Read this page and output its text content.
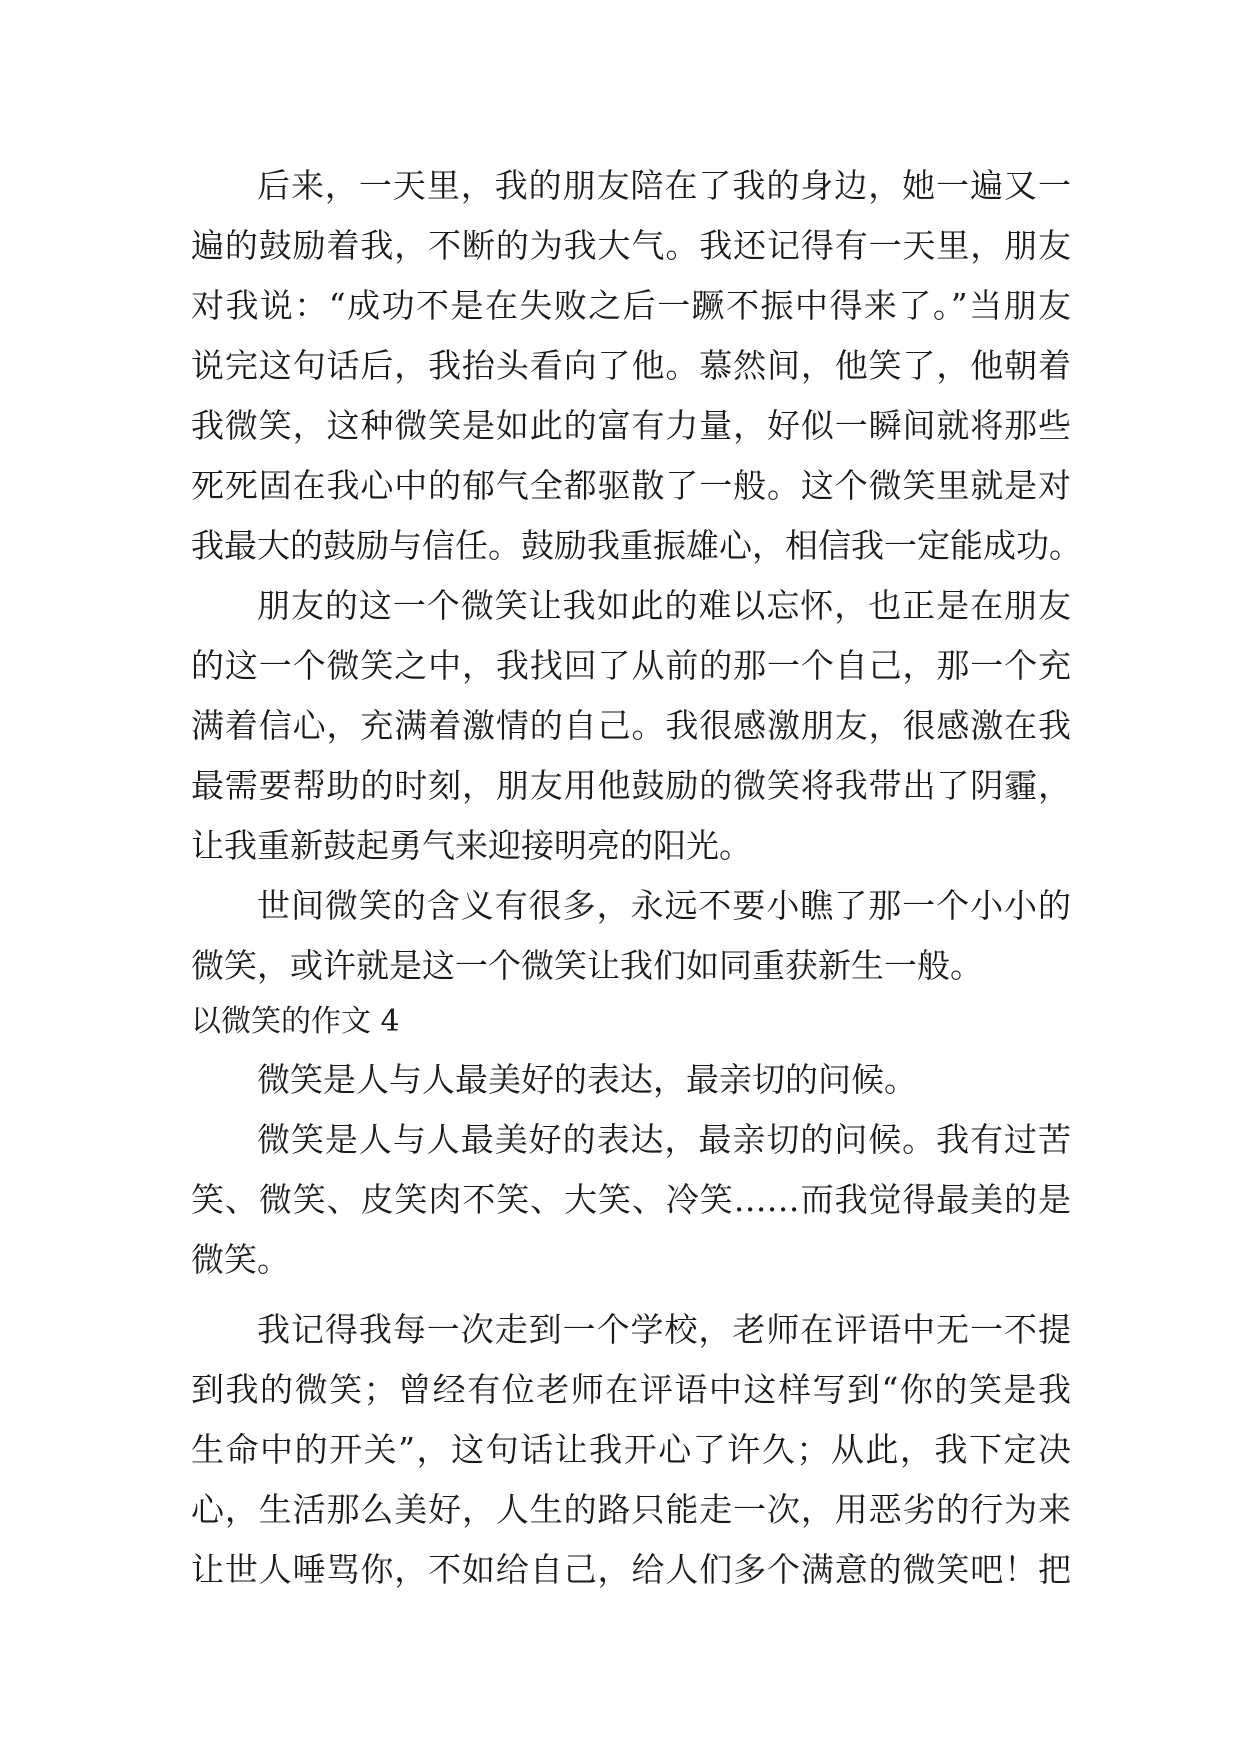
后来，一天里，我的朋友陪在了我的身边，她一遍又一
遍的鼓励着我，不断的为我大气。我还记得有一天里，朋友
对我说：“成功不是在失败之后一蹶不振中得来了。”当朋友
说完这句话后，我抬头看向了他。慕然间，他笑了，他朝着
我微笑，这种微笑是如此的富有力量，好似一瞬间就将那些
死死固在我心中的郁气全都驱散了一般。这个微笑里就是对
我最大的鼓励与信任。鼓励我重振雄心，相信我一定能成功。
朋友的这一个微笑让我如此的难以忘怀，也正是在朋友
的这一个微笑之中，我找回了从前的那一个自己，那一个充
满着信心，充满着激情的自己。我很感激朋友，很感激在我
最需要帮助的时刻，朋友用他鼓励的微笑将我带出了阴霾，
让我重新鼓起勇气来迎接明亮的阳光。
世间微笑的含义有很多，永远不要小瞧了那一个小小的
微笑，或许就是这一个微笑让我们如同重获新生一般。
以微笑的作文 4
微笑是人与人最美好的表达，最亲切的问候。
微笑是人与人最美好的表达，最亲切的问候。我有过苦
笑、微笑、皮笑肉不笑、大笑、冷笑……而我觉得最美的是
微笑。
我记得我每一次走到一个学校，老师在评语中无一不提
到我的微笑；曾经有位老师在评语中这样写到“你的笑是我
生命中的开关”，这句话让我开心了许久；从此，我下定决
心，生活那么美好，人生的路只能走一次，用恶劣的行为来
让世人唾骂你，不如给自己，给人们多个满意的微笑吧！把
